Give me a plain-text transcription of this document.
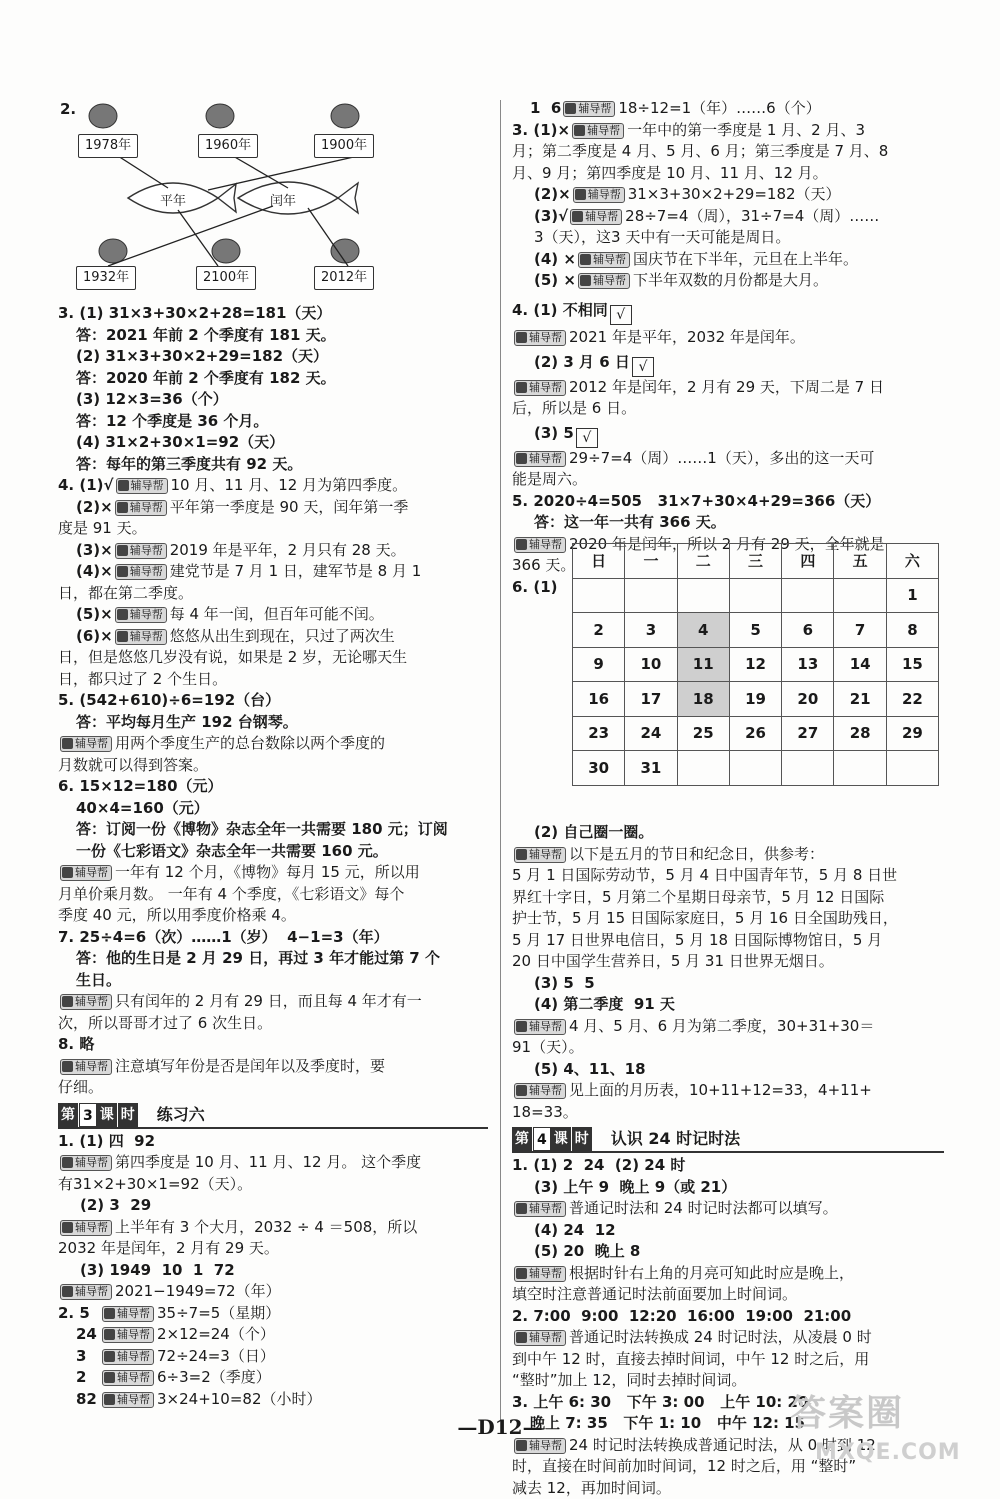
2.
1978年	1960年	1900年
平年	闰年
1932年	2100年	2012年
3. (1) 31×3+30×2+28=181（天）
答：2021 年前 2 个季度有 181 天。
(2) 31×3+30×2+29=182（天）
答：2020 年前 2 个季度有 182 天。
(3) 12×3=36（个）
答：12 个季度是 36 个月。
(4) 31×2+30×1=92（天）
答：每年的第三季度共有 92 天。
4. (1)√ 辅导帮 10 月、11 月、12 月为第四季度。
(2)× 辅导帮 平年第一季度是 90 天，闰年第一季
度是 91 天。
(3)× 辅导帮 2019 年是平年，2 月只有 28 天。
(4)× 辅导帮 建党节是 7 月 1 日，建军节是 8 月 1
日，都在第二季度。
(5)× 辅导帮 每 4 年一闰，但百年可能不闰。
(6)× 辅导帮 悠悠从出生到现在，只过了两次生
日，但是悠悠几岁没有说，如果是 2 岁，无论哪天生
日，都只过了 2 个生日。
5. (542+610)÷6=192（台）
答：平均每月生产 192 台钢琴。
辅导帮 用两个季度生产的总台数除以两个季度的
月数就可以得到答案。
6. 15×12=180（元）
40×4=160（元）
答：订阅一份《博物》杂志全年一共需要 180 元；订阅
一份《七彩语文》杂志全年一共需要 160 元。
辅导帮 一年有 12 个月，《博物》每月 15 元，所以用
月单价乘月数。 一年有 4 个季度，《七彩语文》每个
季度 40 元，所以用季度价格乘 4。
7. 25÷4=6（次）……1（岁）  4−1=3（年）
答：他的生日是 2 月 29 日，再过 3 年才能过第 7 个
生日。
辅导帮 只有闰年的 2 月有 29 日，而且每 4 年才有一
次，所以哥哥才过了 6 次生日。
8. 略
辅导帮 注意填写年份是否是闰年以及季度时，要
仔细。
第 3 课 时 练习六
1. (1) 四  92
辅导帮 第四季度是 10 月、11 月、12 月。 这个季度
有31×2+30×1=92（天）。
(2) 3  29
辅导帮 上半年有 3 个大月，2032 ÷ 4 ＝508，所以
2032 年是闰年，2 月有 29 天。
(3) 1949  10  1  72
辅导帮 2021−1949=72（年）
2. 5 辅导帮 35÷7=5（星期）
24 辅导帮 2×12=24（个）
3	辅导帮 72÷24=3（日）
2	辅导帮 6÷3=2（季度）
82 辅导帮 3×24+10=82（小时）
1  6 辅导帮 18÷12=1（年）……6（个）
3. (1)× 辅导帮 一年中的第一季度是 1 月、2 月、3
月；第二季度是 4 月、5 月、6 月；第三季度是 7 月、8
月、9 月；第四季度是 10 月、11 月、12 月。
(2)× 辅导帮 31×3+30×2+29=182（天）
(3)√ 辅导帮 28÷7=4（周），31÷7=4（周）……
3（天），这3 天中有一天可能是周日。
(4) × 辅导帮 国庆节在下半年，元旦在上半年。
(5) × 辅导帮 下半年双数的月份都是大月。
4. (1) 不相同 √
辅导帮 2021 年是平年，2032 年是闰年。
(2) 3 月 6 日 √
辅导帮 2012 年是闰年，2 月有 29 天，下周二是 7 日
后，所以是 6 日。
(3) 5 √
辅导帮 29÷7=4（周）……1（天），多出的这一天可
能是周六。
5. 2020÷4=505   31×7+30×4+29=366（天）
答：这一年一共有 366 天。
辅导帮 2020 年是闰年，所以 2 月有 29 天，全年就是
366 天。
6. (1)
(2) 自己圈一圈。
辅导帮 以下是五月的节日和纪念日，供参考：
5 月 1 日国际劳动节，5 月 4 日中国青年节，5 月 8 日世
界红十字日，5 月第二个星期日母亲节，5 月 12 日国际
护士节，5 月 15 日国际家庭日，5 月 16 日全国助残日，
5 月 17 日世界电信日，5 月 18 日国际博物馆日，5 月
20 日中国学生营养日，5 月 31 日世界无烟日。
(3) 5  5
(4) 第二季度  91 天
辅导帮 4 月、5 月、6 月为第二季度，30+31+30＝
91（天）。
(5) 4、11、18
辅导帮 见上面的月历表，10+11+12=33，4+11+
18=33。
第 4 课 时 认识 24 时记时法
1. (1) 2  24  (2) 24 时
(3) 上午 9  晚上 9（或 21）
辅导帮 普通记时法和 24 时记时法都可以填写。
(4) 24  12
(5) 20  晚上 8
辅导帮 根据时针右上角的月亮可知此时应是晚上，
填空时注意普通记时法前面要加上时间词。
2. 7:00  9:00  12:20  16:00  19:00  21:00
辅导帮 普通记时法转换成 24 时记时法，从凌晨 0 时
到中午 12 时，直接去掉时间词，中午 12 时之后，用
“整时”加上 12，同时去掉时间词。
3. 上午 6: 30   下午 3: 00   上午 10: 20
晚上 7: 35   下午 1: 10   中午 12: 15
辅导帮 24 时记时法转换成普通记时法，从 0 时到 12
时，直接在时间前加时间词，12 时之后，用 “整时”
减去 12，再加时间词。
日	一	二	三	四	五	六
						1
2	3	4	5	6	7	8
9	10	11	12	13	14	15
16	17	18	19	20	21	22
23	24	25	26	27	28	29
30	31					
—D12—	答案圈
MXQE.COM
